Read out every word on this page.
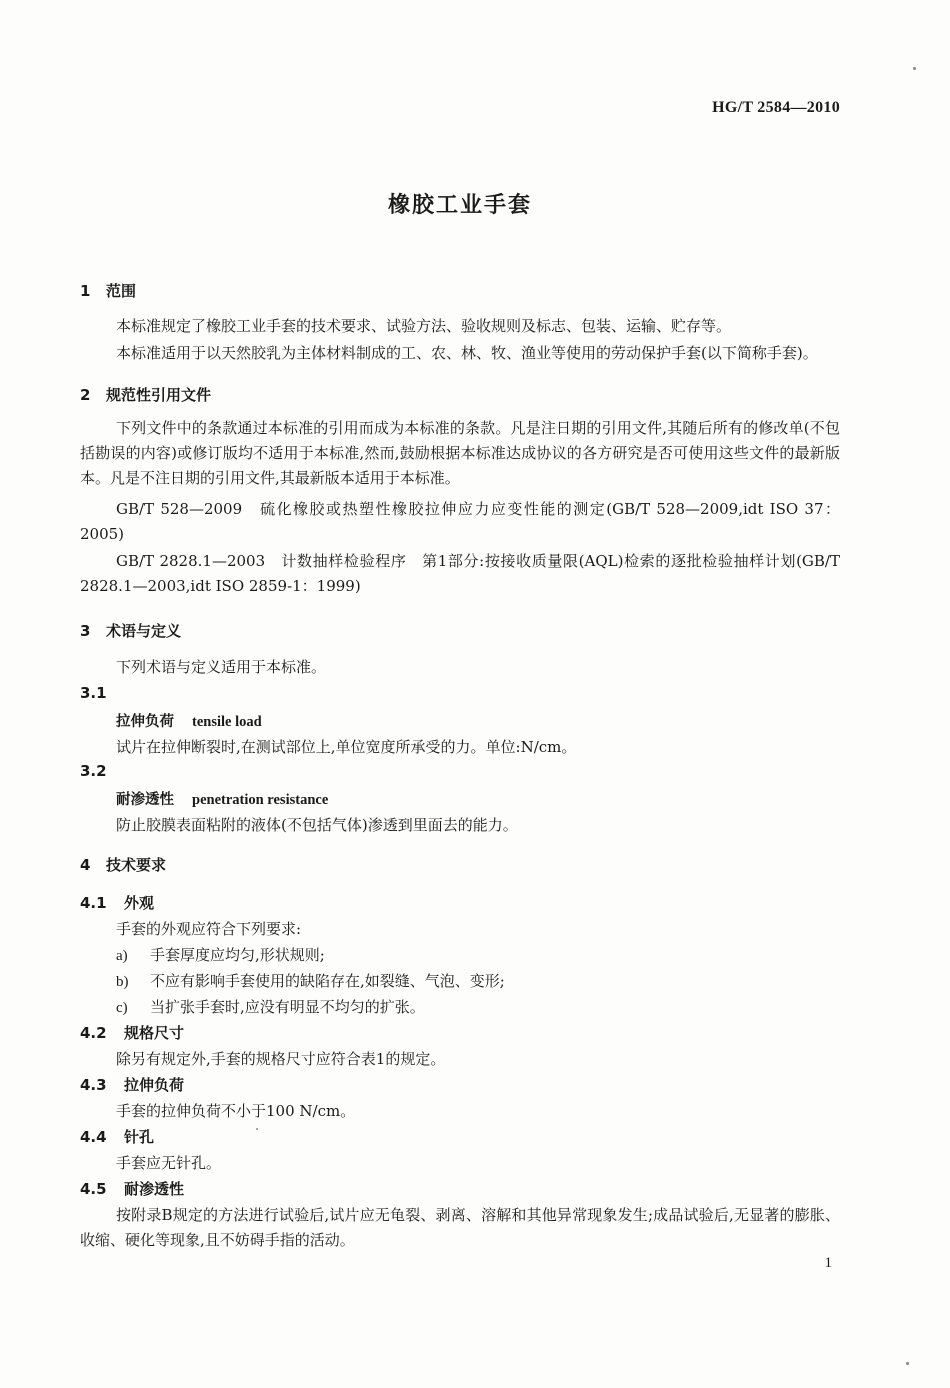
HG/T 2584—2010
橡胶工业手套
1 范围
本标准规定了橡胶工业手套的技术要求、试验方法、验收规则及标志、包装、运输、贮存等。
本标准适用于以天然胶乳为主体材料制成的工、农、林、牧、渔业等使用的劳动保护手套(以下简称手套)。
2 规范性引用文件
下列文件中的条款通过本标准的引用而成为本标准的条款。凡是注日期的引用文件,其随后所有的修改单(不包括勘误的内容)或修订版均不适用于本标准,然而,鼓励根据本标准达成协议的各方研究是否可使用这些文件的最新版本。凡是不注日期的引用文件,其最新版本适用于本标准。
GB/T 528—2009　硫化橡胶或热塑性橡胶拉伸应力应变性能的测定(GB/T 528—2009,idt ISO 37：2005)
GB/T 2828.1—2003　计数抽样检验程序　第1部分:按接收质量限(AQL)检索的逐批检验抽样计划(GB/T 2828.1—2003,idt ISO 2859-1：1999)
3 术语与定义
下列术语与定义适用于本标准。
3.1
拉伸负荷 tensile load
试片在拉伸断裂时,在测试部位上,单位宽度所承受的力。单位:N/cm。
3.2
耐渗透性 penetration resistance
防止胶膜表面粘附的液体(不包括气体)渗透到里面去的能力。
4 技术要求
4.1 外观
手套的外观应符合下列要求:
a) 手套厚度应均匀,形状规则;
b) 不应有影响手套使用的缺陷存在,如裂缝、气泡、变形;
c) 当扩张手套时,应没有明显不均匀的扩张。
4.2 规格尺寸
除另有规定外,手套的规格尺寸应符合表1的规定。
4.3 拉伸负荷
手套的拉伸负荷不小于100 N/cm。
4.4 针孔
手套应无针孔。
4.5 耐渗透性
按附录B规定的方法进行试验后,试片应无龟裂、剥离、溶解和其他异常现象发生;成品试验后,无显著的膨胀、收缩、硬化等现象,且不妨碍手指的活动。
1
